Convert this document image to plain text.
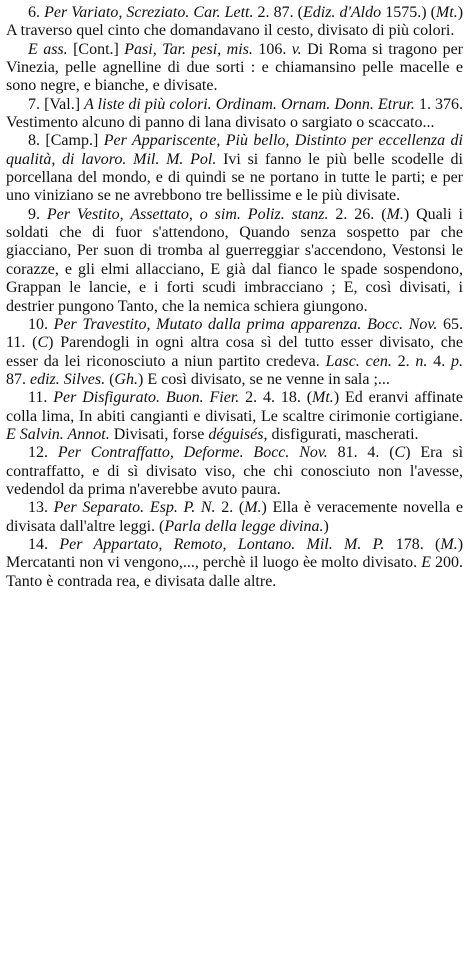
6. Per Variato, Screziato. Car. Lett. 2. 87. (Ediz. d'Aldo 1575.) (Mt.) A traverso quel cinto che domandavano il cesto, divisato di più colori.

E ass. [Cont.] Pasi, Tar. pesi, mis. 106. v. Di Roma si tragono per Vinezia, pelle agnelline di due sorti : e chiamansino pelle macelle e sono negre, e bianche, e divisate.

7. [Val.] A liste di più colori. Ordinam. Ornam. Donn. Etrur. 1. 376. Vestimento alcuno di panno di lana divisato o sargiato o scaccato...

8. [Camp.] Per Appariscente, Più bello, Distinto per eccellenza di qualità, di lavoro. Mil. M. Pol. Ivi si fanno le più belle scodelle di porcellana del mondo, e di quindi se ne portano in tutte le parti; e per uno viniziano se ne avrebbono tre bellissime e le più divisate.

9. Per Vestito, Assettato, o sim. Poliz. stanz. 2. 26. (M.) Quali i soldati che di fuor s'attendono, Quando senza sospetto par che giacciano, Per suon di tromba al guerreggiar s'accendono, Vestonsi le corazze, e gli elmi allacciano, E già dal fianco le spade sospendono, Grappan le lancie, e i forti scudi imbracciano ; E, così divisati, i destrier pungono Tanto, che la nemica schiera giungono.

10. Per Travestito, Mutato dalla prima apparenza. Bocc. Nov. 65. 11. (C) Parendogli in ogni altra cosa sì del tutto esser divisato, che esser da lei riconosciuto a niun partito credeva. Lasc. cen. 2. n. 4. p. 87. ediz. Silves. (Gh.) E così divisato, se ne venne in sala ;...

11. Per Disfigurato. Buon. Fier. 2. 4. 18. (Mt.) Ed eranvi affinate colla lima, In abiti cangianti e divisati, Le scaltre cirimonie cortigiane. E Salvin. Annot. Divisati, forse déguisés, disfigurati, mascherati.

12. Per Contraffatto, Deforme. Bocc. Nov. 81. 4. (C) Era sì contraffatto, e di sì divisato viso, che chi conosciuto non l'avesse, vedendol da prima n'averebbe avuto paura.

13. Per Separato. Esp. P. N. 2. (M.) Ella è veracemente novella e divisata dall'altre leggi. (Parla della legge divina.)

14. Per Appartato, Remoto, Lontano. Mil. M. P. 178. (M.) Mercatanti non vi vengono,..., perchè il luogo èe molto divisato. E 200. Tanto è contrada rea, e divisata dalle altre.
